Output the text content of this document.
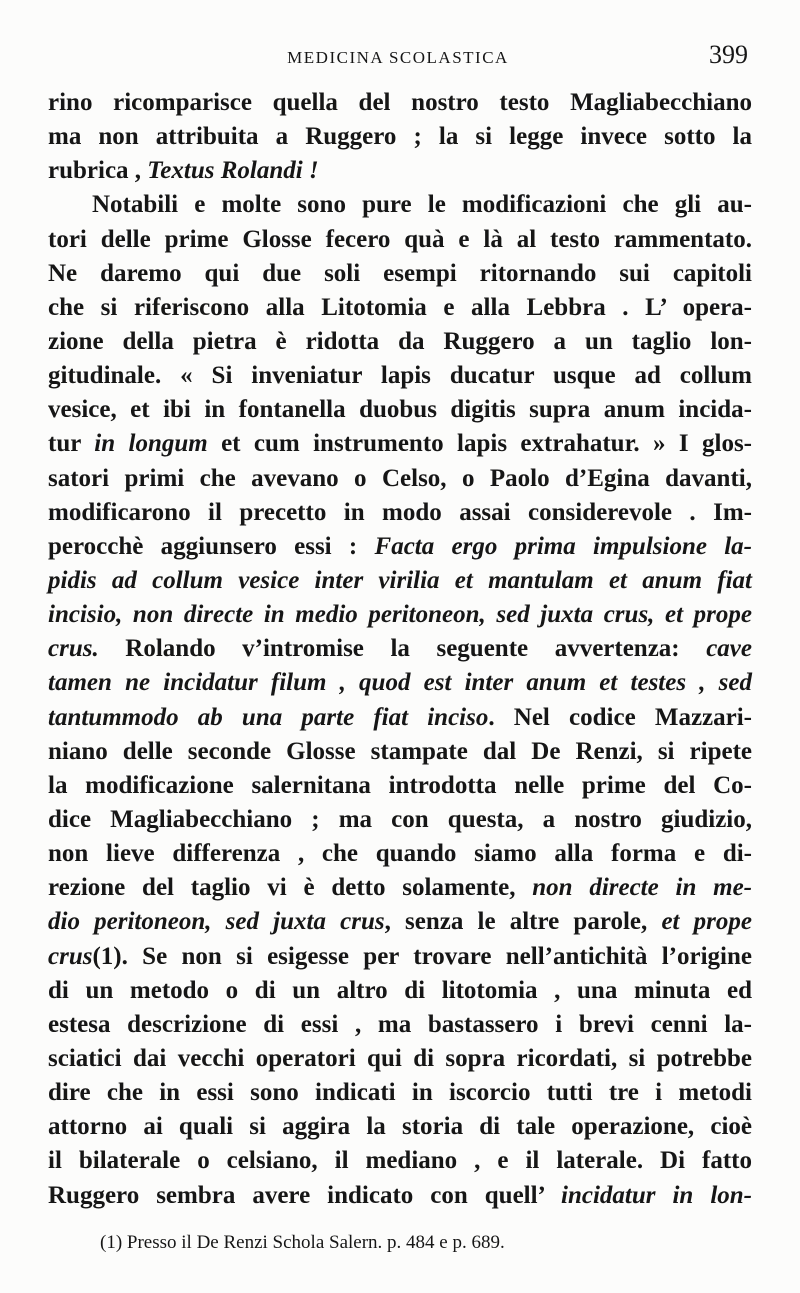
MEDICINA SCOLASTICA	399
rino ricomparisce quella del nostro testo Magliabecchiano
ma non attribuita a Ruggero ; la si legge invece sotto la
rubrica , Textus Rolandi !
Notabili e molte sono pure le modificazioni che gli au-
tori delle prime Glosse fecero quà e là al testo rammentato.
Ne daremo qui due soli esempi ritornando sui capitoli
che si riferiscono alla Litotomia e alla Lebbra . L’ opera-
zione della pietra è ridotta da Ruggero a un taglio lon-
gitudinale. « Si inveniatur lapis ducatur usque ad collum
vesice, et ibi in fontanella duobus digitis supra anum incida-
tur in longum et cum instrumento lapis extrahatur. » I glos-
satori primi che avevano o Celso, o Paolo d’Egina davanti,
modificarono il precetto in modo assai considerevole . Im-
perocchè aggiunsero essi : Facta ergo prima impulsione la-
pidis ad collum vesice inter virilia et mantulam et anum fiat
incisio, non directe in medio peritoneon, sed juxta crus, et prope
crus. Rolando v’intromise la seguente avvertenza: cave
tamen ne incidatur filum , quod est inter anum et testes , sed
tantummodo ab una parte fiat inciso. Nel codice Mazzari-
niano delle seconde Glosse stampate dal De Renzi, si ripete
la modificazione salernitana introdotta nelle prime del Co-
dice Magliabecchiano ; ma con questa, a nostro giudizio,
non lieve differenza , che quando siamo alla forma e di-
rezione del taglio vi è detto solamente, non directe in me-
dio peritoneon, sed juxta crus, senza le altre parole, et prope
crus(1). Se non si esigesse per trovare nell’antichità l’origine
di un metodo o di un altro di litotomia , una minuta ed
estesa descrizione di essi , ma bastassero i brevi cenni la-
sciatici dai vecchi operatori qui di sopra ricordati, si potrebbe
dire che in essi sono indicati in iscorcio tutti tre i metodi
attorno ai quali si aggira la storia di tale operazione, cioè
il bilaterale o celsiano, il mediano , e il laterale. Di fatto
Ruggero sembra avere indicato con quell’ incidatur in lon-
(1) Presso il De Renzi Schola Salern. p. 484 e p. 689.
